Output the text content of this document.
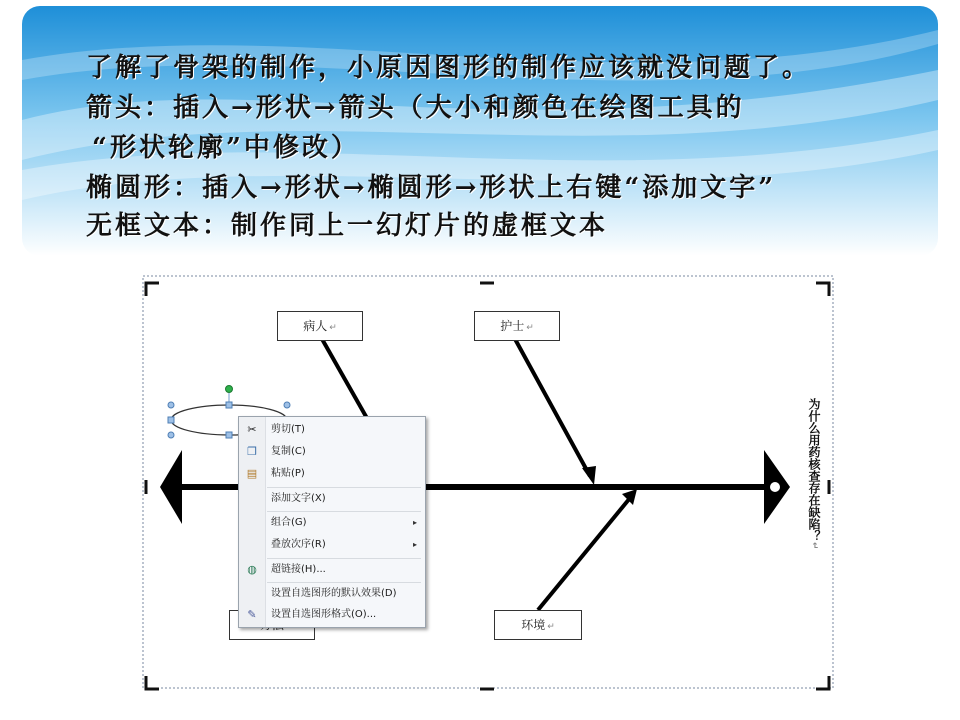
了解了骨架的制作，小原因图形的制作应该就没问题了。
箭头：插入→形状→箭头（大小和颜色在绘图工具的
“形状轮廓”中修改）
椭圆形：插入→形状→椭圆形→形状上右键“添加文字”
无框文本：制作同上一幻灯片的虚框文本
病人 ↵	护士 ↵
环境 ↵
为什么用药核查存在缺陷？↵
✂ 剪切(T)
❐ 复制(C)
▤ 粘贴(P)
添加文字(X)
组合(G)	▸
叠放次序(R)	▸
◍ 超链接(H)...
设置自选图形的默认效果(D)
✎ 设置自选图形格式(O)...
